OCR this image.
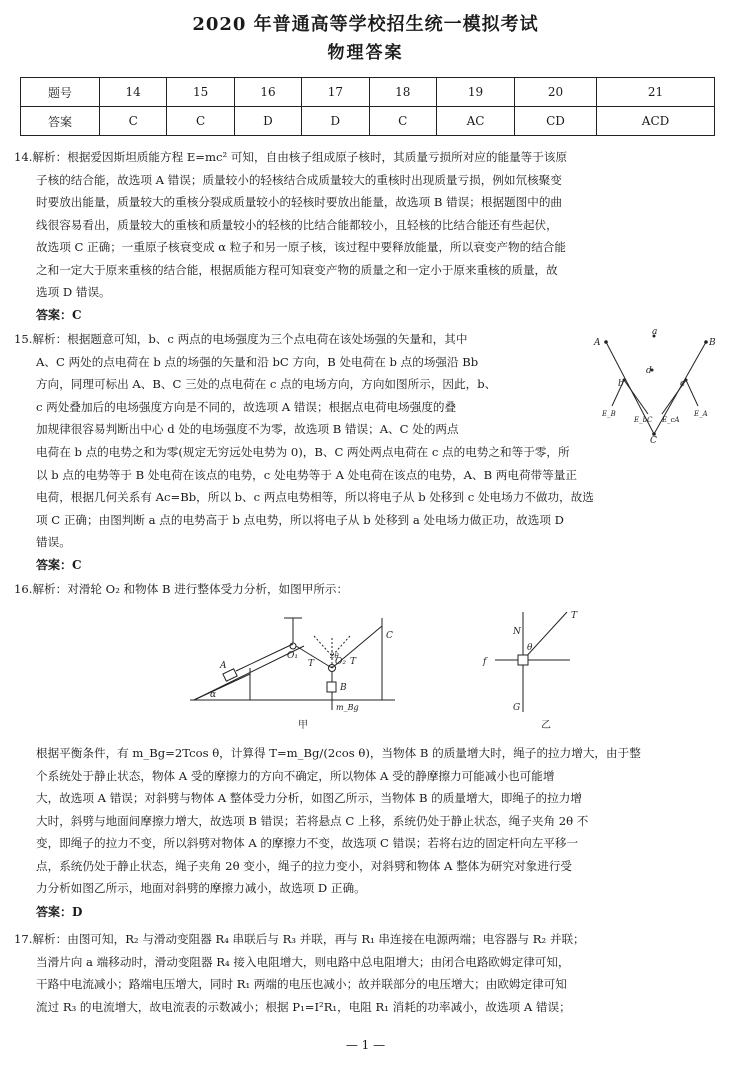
2020 年普通高等学校招生统一模拟考试
物理答案
题号	14	15	16	17	18	19	20	21
答案	C	C	D	D	C	AC	CD	ACD
14.解析：根据爱因斯坦质能方程 E=mc² 可知，自由核子组成原子核时，其质量亏损所对应的能量等于该原
子核的结合能，故选项 A 错误；质量较小的轻核结合成质量较大的重核时出现质量亏损，例如氘核聚变
时要放出能量，质量较大的重核分裂成质量较小的轻核时要放出能量，故选项 B 错误；根据题图中的曲
线很容易看出，质量较大的重核和质量较小的轻核的比结合能都较小，且轻核的比结合能还有些起伏，
故选项 C 正确；一重原子核衰变成 α 粒子和另一原子核，该过程中要释放能量，所以衰变产物的结合能
之和一定大于原来重核的结合能，根据质能方程可知衰变产物的质量之和一定小于原来重核的质量，故
选项 D 错误。
答案：C
15.解析：根据题意可知，b、c 两点的电场强度为三个点电荷在该处场强的矢量和，其中
A、C 两处的点电荷在 b 点的场强的矢量和沿 bC 方向，B 处电荷在 b 点的场强沿 Bb
方向，同理可标出 A、B、C 三处的点电荷在 c 点的电场方向，方向如图所示，因此，b、
c 两处叠加后的电场强度方向是不同的，故选项 A 错误；根据点电荷电场强度的叠
加规律很容易判断出中心 d 处的电场强度不为零，故选项 B 错误；A、C 处的两点
a
A	B
b	c
d
C
E_B
E_bC E_cA
E_A
电荷在 b 点的电势之和为零(规定无穷远处电势为 0)，B、C 两处两点电荷在 c 点的电势之和等于零，所
以 b 点的电势等于 B 处电荷在该点的电势，c 处电势等于 A 处电荷在该点的电势，A、B 两电荷带等量正
电荷，根据几何关系有 Ac=Bb，所以 b、c 两点电势相等，所以将电子从 b 处移到 c 处电场力不做功，故选
项 C 正确；由图判断 a 点的电势高于 b 点电势，所以将电子从 b 处移到 a 处电场力做正功，故选项 D
错误。
答案：C
16.解析：对滑轮 O₂ 和物体 B 进行整体受力分析，如图甲所示：
A
α
O₁
O₂
T	T
2θ
B
C
m_Bg
甲
N
T
θ
f
G
乙
根据平衡条件，有 m_Bg=2Tcos θ，计算得 T=m_Bg/(2cos θ)，当物体 B 的质量增大时，绳子的拉力增大，由于整
个系统处于静止状态，物体 A 受的摩擦力的方向不确定，所以物体 A 受的静摩擦力可能减小也可能增
大，故选项 A 错误；对斜劈与物体 A 整体受力分析，如图乙所示，当物体 B 的质量增大，即绳子的拉力增
大时，斜劈与地面间摩擦力增大，故选项 B 错误；若将悬点 C 上移，系统仍处于静止状态，绳子夹角 2θ 不
变，即绳子的拉力不变，所以斜劈对物体 A 的摩擦力不变，故选项 C 错误；若将右边的固定杆向左平移一
点，系统仍处于静止状态，绳子夹角 2θ 变小，绳子的拉力变小，对斜劈和物体 A 整体为研究对象进行受
力分析如图乙所示，地面对斜劈的摩擦力减小，故选项 D 正确。
答案：D
17.解析：由图可知，R₂ 与滑动变阻器 R₄ 串联后与 R₃ 并联，再与 R₁ 串连接在电源两端；电容器与 R₂ 并联；
当滑片向 a 端移动时，滑动变阻器 R₄ 接入电阻增大，则电路中总电阻增大；由闭合电路欧姆定律可知，
干路中电流减小；路端电压增大，同时 R₁ 两端的电压也减小；故并联部分的电压增大；由欧姆定律可知
流过 R₃ 的电流增大，故电流表的示数减小；根据 P₁=I²R₁，电阻 R₁ 消耗的功率减小，故选项 A 错误；
— 1 —
